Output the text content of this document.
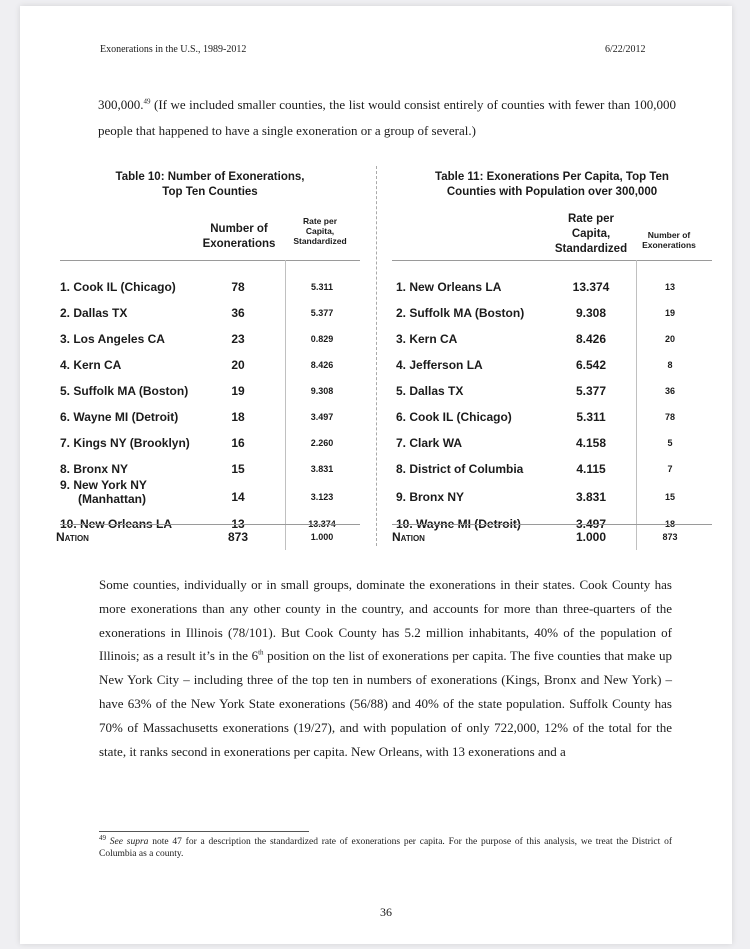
Exonerations in the U.S., 1989-2012	6/22/2012

300,000.49 (If we included smaller counties, the list would consist entirely of counties with fewer than 100,000 people that happened to have a single exoneration or a group of several.)

Table 10: Number of Exonerations,
Top Ten Counties
Number of
Exonerations
Rate per
Capita,
Standardized
1. Cook IL (Chicago)	78	5.311
2. Dallas TX	36	5.377
3. Los Angeles CA	23	0.829
4. Kern CA	20	8.426
5. Suffolk MA (Boston)	19	9.308
6. Wayne MI (Detroit)	18	3.497
7. Kings NY (Brooklyn)	16	2.260
8. Bronx NY	15	3.831
9. New York NY
(Manhattan)	14	3.123
10. New Orleans LA	13	13.374
Nation	873	1.000
Table 11: Exonerations Per Capita, Top Ten
Counties with Population over 300,000
Rate per
Capita,
Standardized
Number of
Exonerations
1. New Orleans LA	13.374	13
2. Suffolk MA (Boston)	9.308	19
3. Kern CA	8.426	20
4. Jefferson LA	6.542	8
5. Dallas TX	5.377	36
6. Cook IL (Chicago)	5.311	78
7. Clark WA	4.158	5
8. District of Columbia	4.115	7
9. Bronx NY	3.831	15
10. Wayne MI (Detroit)	3.497	18
Nation	1.000	873

Some counties, individually or in small groups, dominate the exonerations in their states. Cook County has more exonerations than any other county in the country, and accounts for more than three-quarters of the exonerations in Illinois (78/101). But Cook County has 5.2 million inhabitants, 40% of the population of Illinois; as a result it’s in the 6th position on the list of exonerations per capita. The five counties that make up New York City – including three of the top ten in numbers of exonerations (Kings, Bronx and New York) – have 63% of the New York State exonerations (56/88) and 40% of the state population. Suffolk County has 70% of Massachusetts exonerations (19/27), and with population of only 722,000, 12% of the total for the state, it ranks second in exonerations per capita. New Orleans, with 13 exonerations and a

$^{49}$ See supra note 47 for a description the standardized rate of exonerations per capita. For the purpose of this analysis, we treat the District of Columbia as a county.

36
